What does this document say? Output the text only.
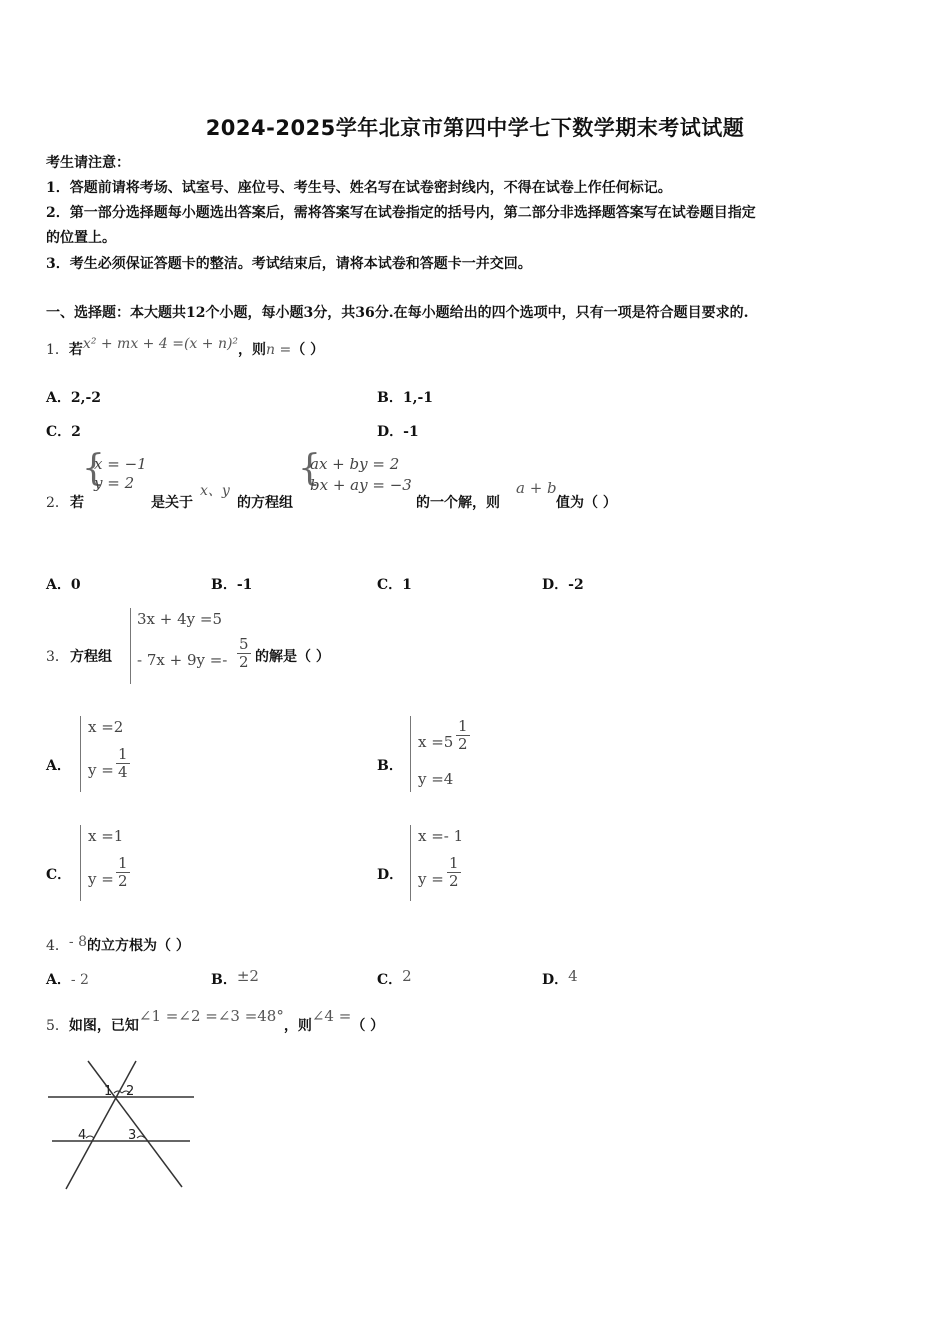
2024-2025学年北京市第四中学七下数学期末考试试题
考生请注意：
1．答题前请将考场、试室号、座位号、考生号、姓名写在试卷密封线内，不得在试卷上作任何标记。
2．第一部分选择题每小题选出答案后，需将答案写在试卷指定的括号内，第二部分非选择题答案写在试卷题目指定
的位置上。
3．考生必须保证答题卡的整洁。考试结束后，请将本试卷和答题卡一并交回。
一、选择题：本大题共12个小题，每小题3分，共36分.在每小题给出的四个选项中，只有一项是符合题目要求的.
1．若x² + mx + 4 =(x + n)²，则n =（ ）
A．2,-2	B．1,-1
C．2	D．-1
2． 若
{
x = −1
y = 2
是关于
x、y
的方程组
{
ax + by = 2
bx + ay = −3
的一个解，则
a + b
值为（ ）
A．0	B．-1	C．1	D．-2
3． 方程组
3x + 4y =5
- $7x + 9y =- \frac{5}{2}$ 的解是（ ）
A．
x =2
$y = \frac{1}{4}$	B．
$x =5 \frac{1}{2}$
y =4
C．
x =1
$y = \frac{1}{2}$	D．
x =- 1
$y = \frac{1}{2}$
4．- 8的立方根为（ ）
A．- 2	B．±2	C．2	D．4
5．如图，已知∠1 =∠2 =∠3 =48°，则∠4 =（ ）
1 2
3
4
